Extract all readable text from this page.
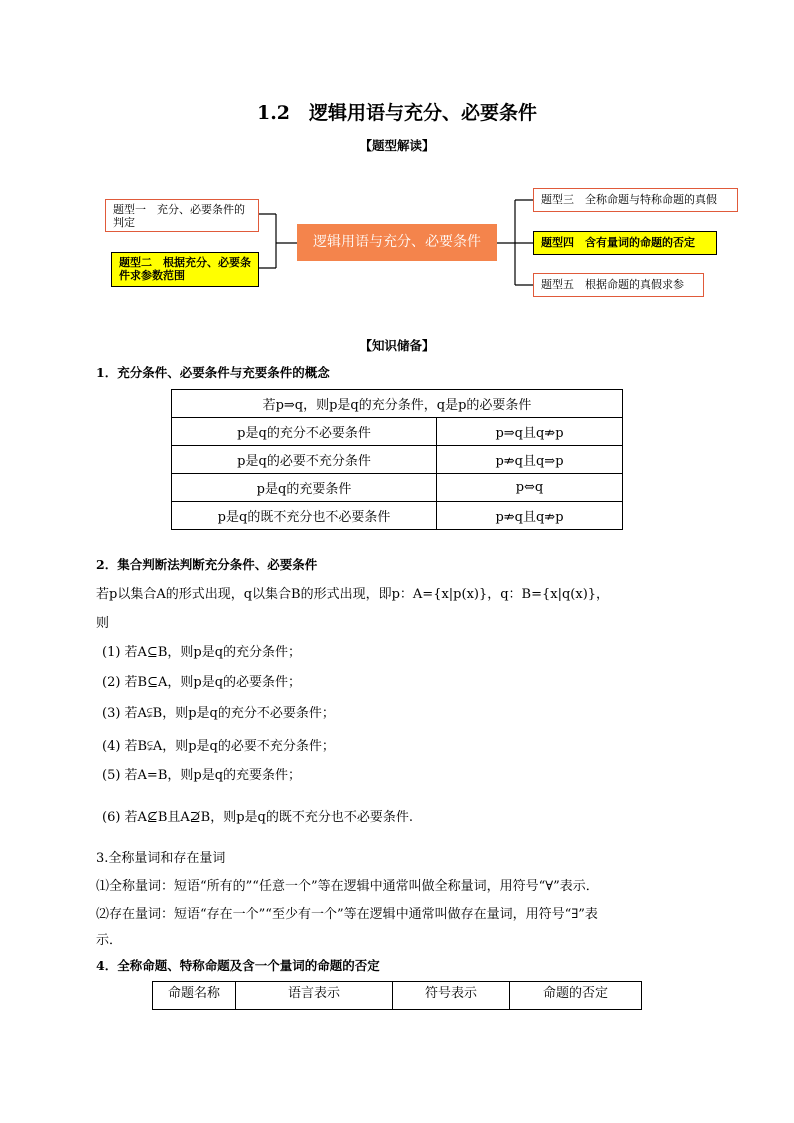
1.2　逻辑用语与充分、必要条件
【题型解读】
题型一　充分、必要条件的判定
题型二　根据充分、必要条件求参数范围
逻辑用语与充分、必要条件
题型三　全称命题与特称命题的真假
题型四　含有量词的命题的否定
题型五　根据命题的真假求参
【知识储备】
1．充分条件、必要条件与充要条件的概念
若p⇒q，则p是q的充分条件，q是p的必要条件	
p是q的充分不必要条件	p⇒q且q⇏p
p是q的必要不充分条件	p⇏q且q⇒p
p是q的充要条件	p⇔q
p是q的既不充分也不必要条件	p⇏q且q⇏p
2．集合判断法判断充分条件、必要条件
若p以集合A的形式出现，q以集合B的形式出现，即p：A={x|p(x)}，q：B={x|q(x)}，
则
(1) 若A⊆B，则p是q的充分条件；
(2) 若B⊆A，则p是q的必要条件；
(3) 若A⫋B，则p是q的充分不必要条件；
(4) 若B⫋A，则p是q的必要不充分条件；
(5) 若A=B，则p是q的充要条件；
(6) 若A⊈B且A⊉B，则p是q的既不充分也不必要条件.
3.全称量词和存在量词
⑴全称量词：短语“所有的”“任意一个”等在逻辑中通常叫做全称量词，用符号“∀”表示．
⑵存在量词：短语“存在一个”“至少有一个”等在逻辑中通常叫做存在量词，用符号“∃”表
示．
4．全称命题、特称命题及含一个量词的命题的否定
命题名称	语言表示	符号表示	命题的否定
